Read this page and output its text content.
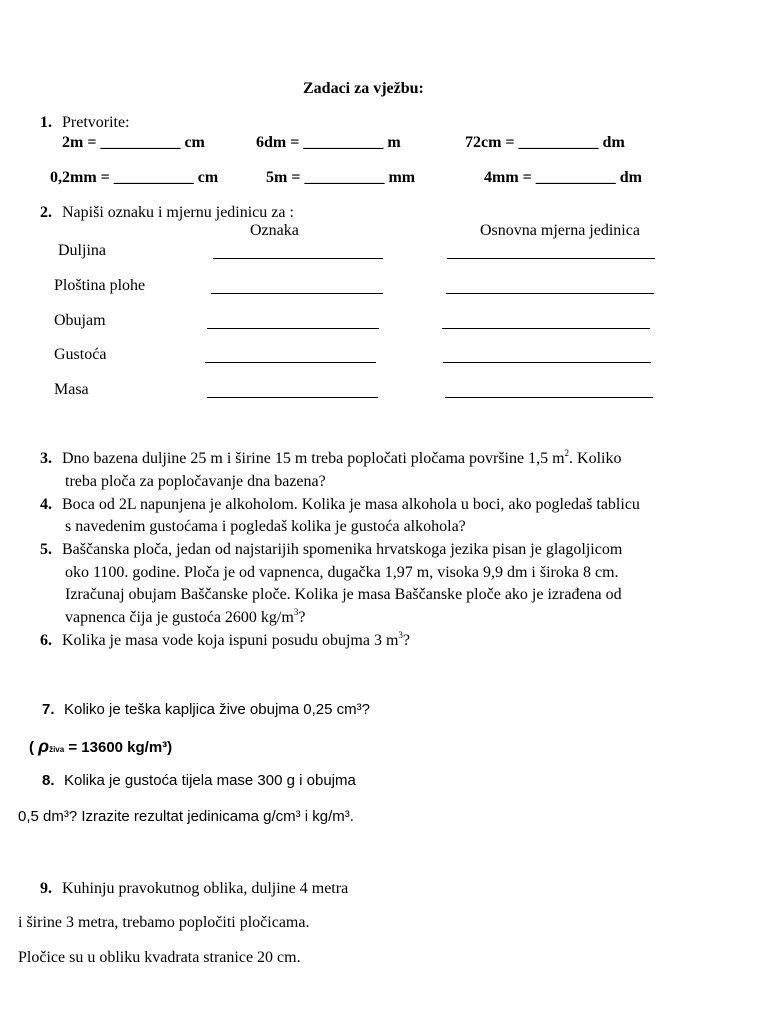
Zadaci za vježbu:
1. Pretvorite:
2m = __________ cm	6dm = __________ m	72cm = __________ dm
0,2mm = __________ cm	5m = __________ mm	4mm = __________ dm
2. Napiši oznaku i mjernu jedinicu za :
Oznaka	Osnovna mjerna jedinica
Duljina
Ploština plohe
Obujam
Gustoća
Masa
3. Dno bazena duljine 25 m i širine 15 m treba popločati pločama površine 1,5 $m^2$. Koliko
treba ploča za popločavanje dna bazena?
4. Boca od 2L napunjena je alkoholom. Kolika je masa alkohola u boci, ako pogledaš tablicu
s navedenim gustoćama i pogledaš kolika je gustoća alkohola?
5. Baščanska ploča, jedan od najstarijih spomenika hrvatskoga jezika pisan je glagoljicom
oko 1100. godine. Ploča je od vapnenca, dugačka 1,97 m, visoka 9,9 dm i široka 8 cm.
Izračunaj obujam Baščanske ploče. Kolika je masa Baščanske ploče ako je izrađena od
vapnenca čija je gustoća 2600 $kg/m^3$?
6. Kolika je masa vode koja ispuni posudu obujma 3 $m^3$?
7. Koliko je teška kapljica žive obujma 0,25 cm³?
( ρživa = 13600 kg/m³)
8. Kolika je gustoća tijela mase 300 g i obujma
0,5 dm³? Izrazite rezultat jedinicama g/cm³ i kg/m³.
9. Kuhinju pravokutnog oblika, duljine 4 metra
i širine 3 metra, trebamo popločiti pločicama.
Pločice su u obliku kvadrata stranice 20 cm.
